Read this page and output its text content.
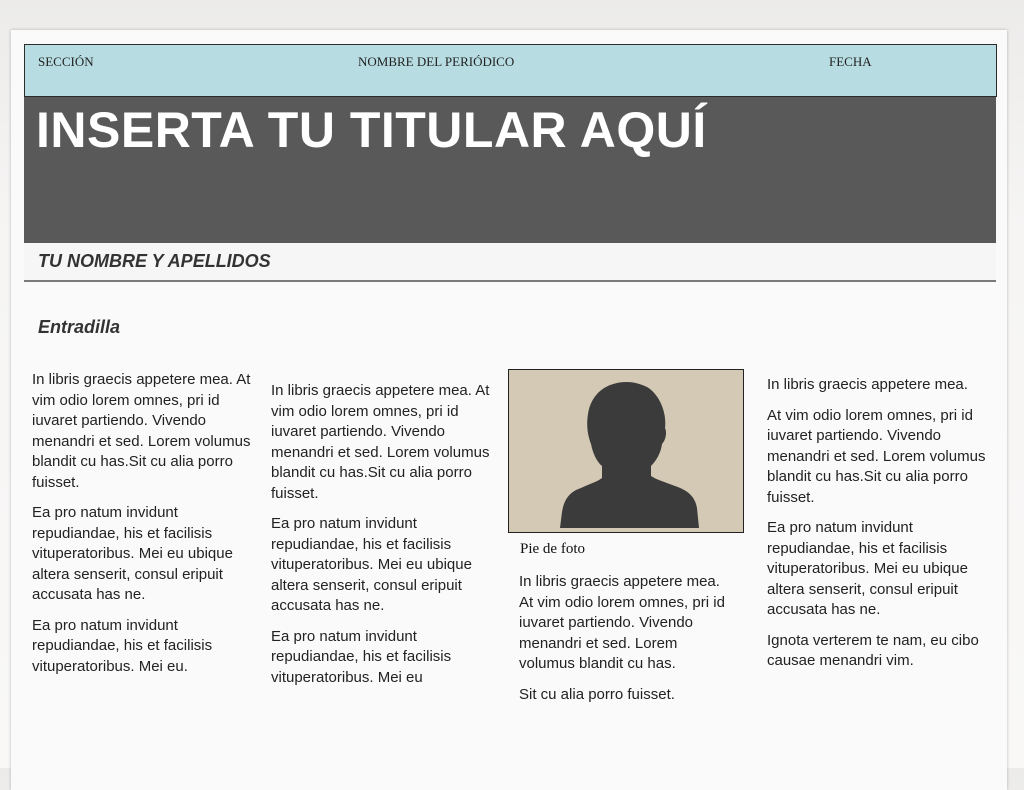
SECCIÓN	NOMBRE DEL PERIÓDICO	FECHA
INSERTA TU TITULAR AQUÍ
TU NOMBRE Y APELLIDOS
Entradilla

In libris graecis appetere mea. At vim odio lorem omnes, pri id iuvaret partiendo. Vivendo menandri et sed. Lorem volumus blandit cu has.Sit cu alia porro fuisset.

Ea pro natum invidunt repudiandae, his et facilisis vituperatoribus. Mei eu ubique altera senserit, consul eripuit accusata has ne.

Ea pro natum invidunt repudiandae, his et facilisis vituperatoribus. Mei eu.

In libris graecis appetere mea. At vim odio lorem omnes, pri id iuvaret partiendo. Vivendo menandri et sed. Lorem volumus blandit cu has.Sit cu alia porro fuisset.

Ea pro natum invidunt repudiandae, his et facilisis vituperatoribus. Mei eu ubique altera senserit, consul eripuit accusata has ne.

Ea pro natum invidunt repudiandae, his et facilisis vituperatoribus. Mei eu

Pie de foto

In libris graecis appetere mea. At vim odio lorem omnes, pri id iuvaret partiendo. Vivendo menandri et sed. Lorem volumus blandit cu has.

Sit cu alia porro fuisset.

In libris graecis appetere mea.

At vim odio lorem omnes, pri id iuvaret partiendo. Vivendo menandri et sed. Lorem volumus blandit cu has.Sit cu alia porro fuisset.

Ea pro natum invidunt repudiandae, his et facilisis vituperatoribus. Mei eu ubique altera senserit, consul eripuit accusata has ne.

Ignota verterem te nam, eu cibo causae menandri vim.
